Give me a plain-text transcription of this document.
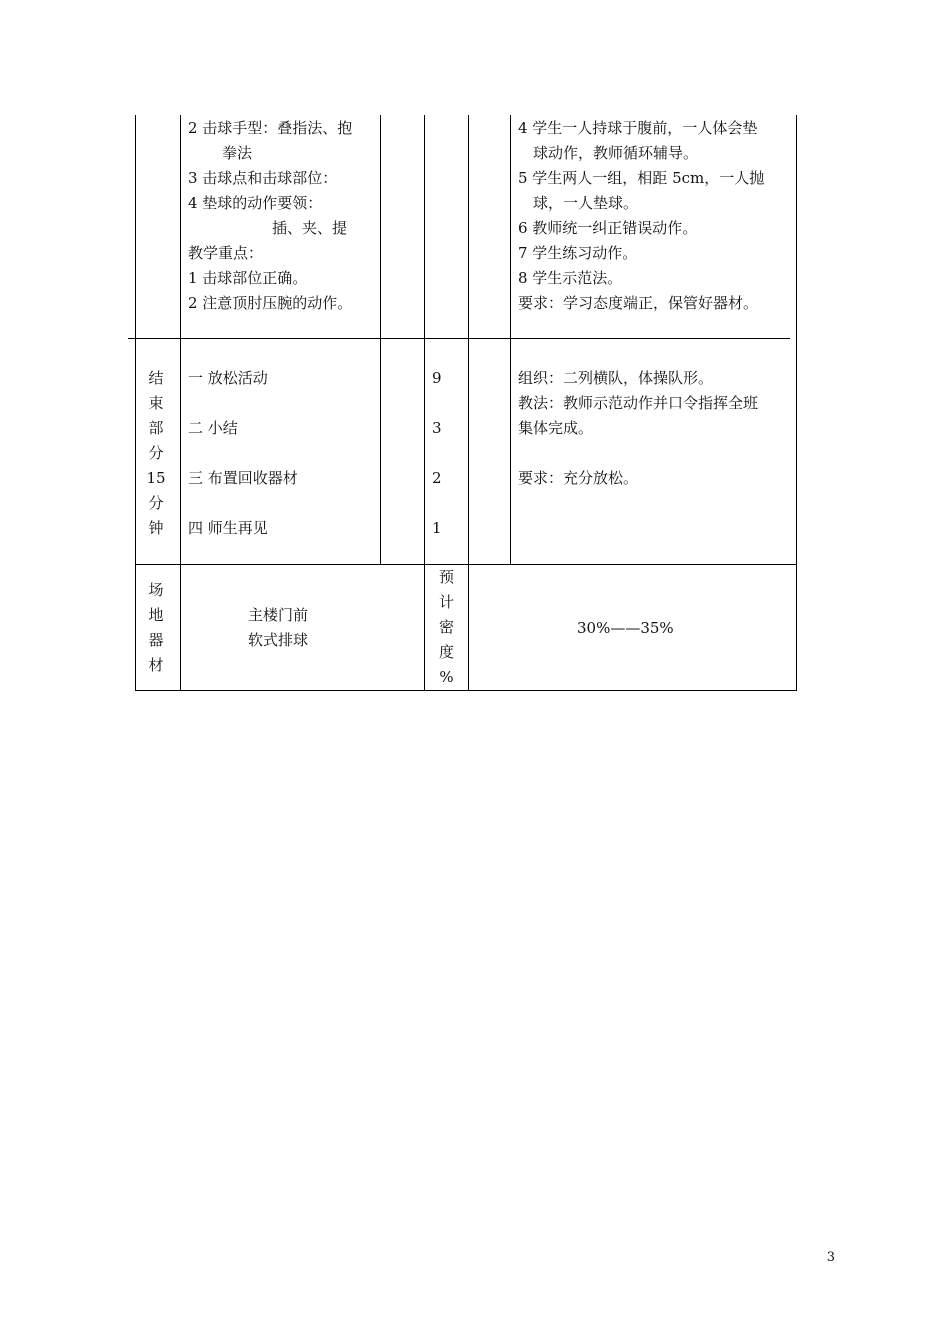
2 击球手型：叠指法、抱
拳法
3 击球点和击球部位：
4 垫球的动作要领：
插、夹、提
教学重点：
1 击球部位正确。
2 注意顶肘压腕的动作。
4 学生一人持球于腹前，一人体会垫
球动作，教师循环辅导。
5 学生两人一组，相距 5cm，一人抛
球，一人垫球。
6 教师统一纠正错误动作。
7 学生练习动作。
8 学生示范法。
要求：学习态度端正，保管好器材。
结
束
部
分
15
分
钟
一 放松活动
二 小结
三 布置回收器材
四 师生再见
9
3
2
1
组织：二列横队，体操队形。
教法：教师示范动作并口令指挥全班
集体完成。
要求：充分放松。
场
地
器
材
主楼门前
软式排球
预
计
密
度
%
30%——35%
3
